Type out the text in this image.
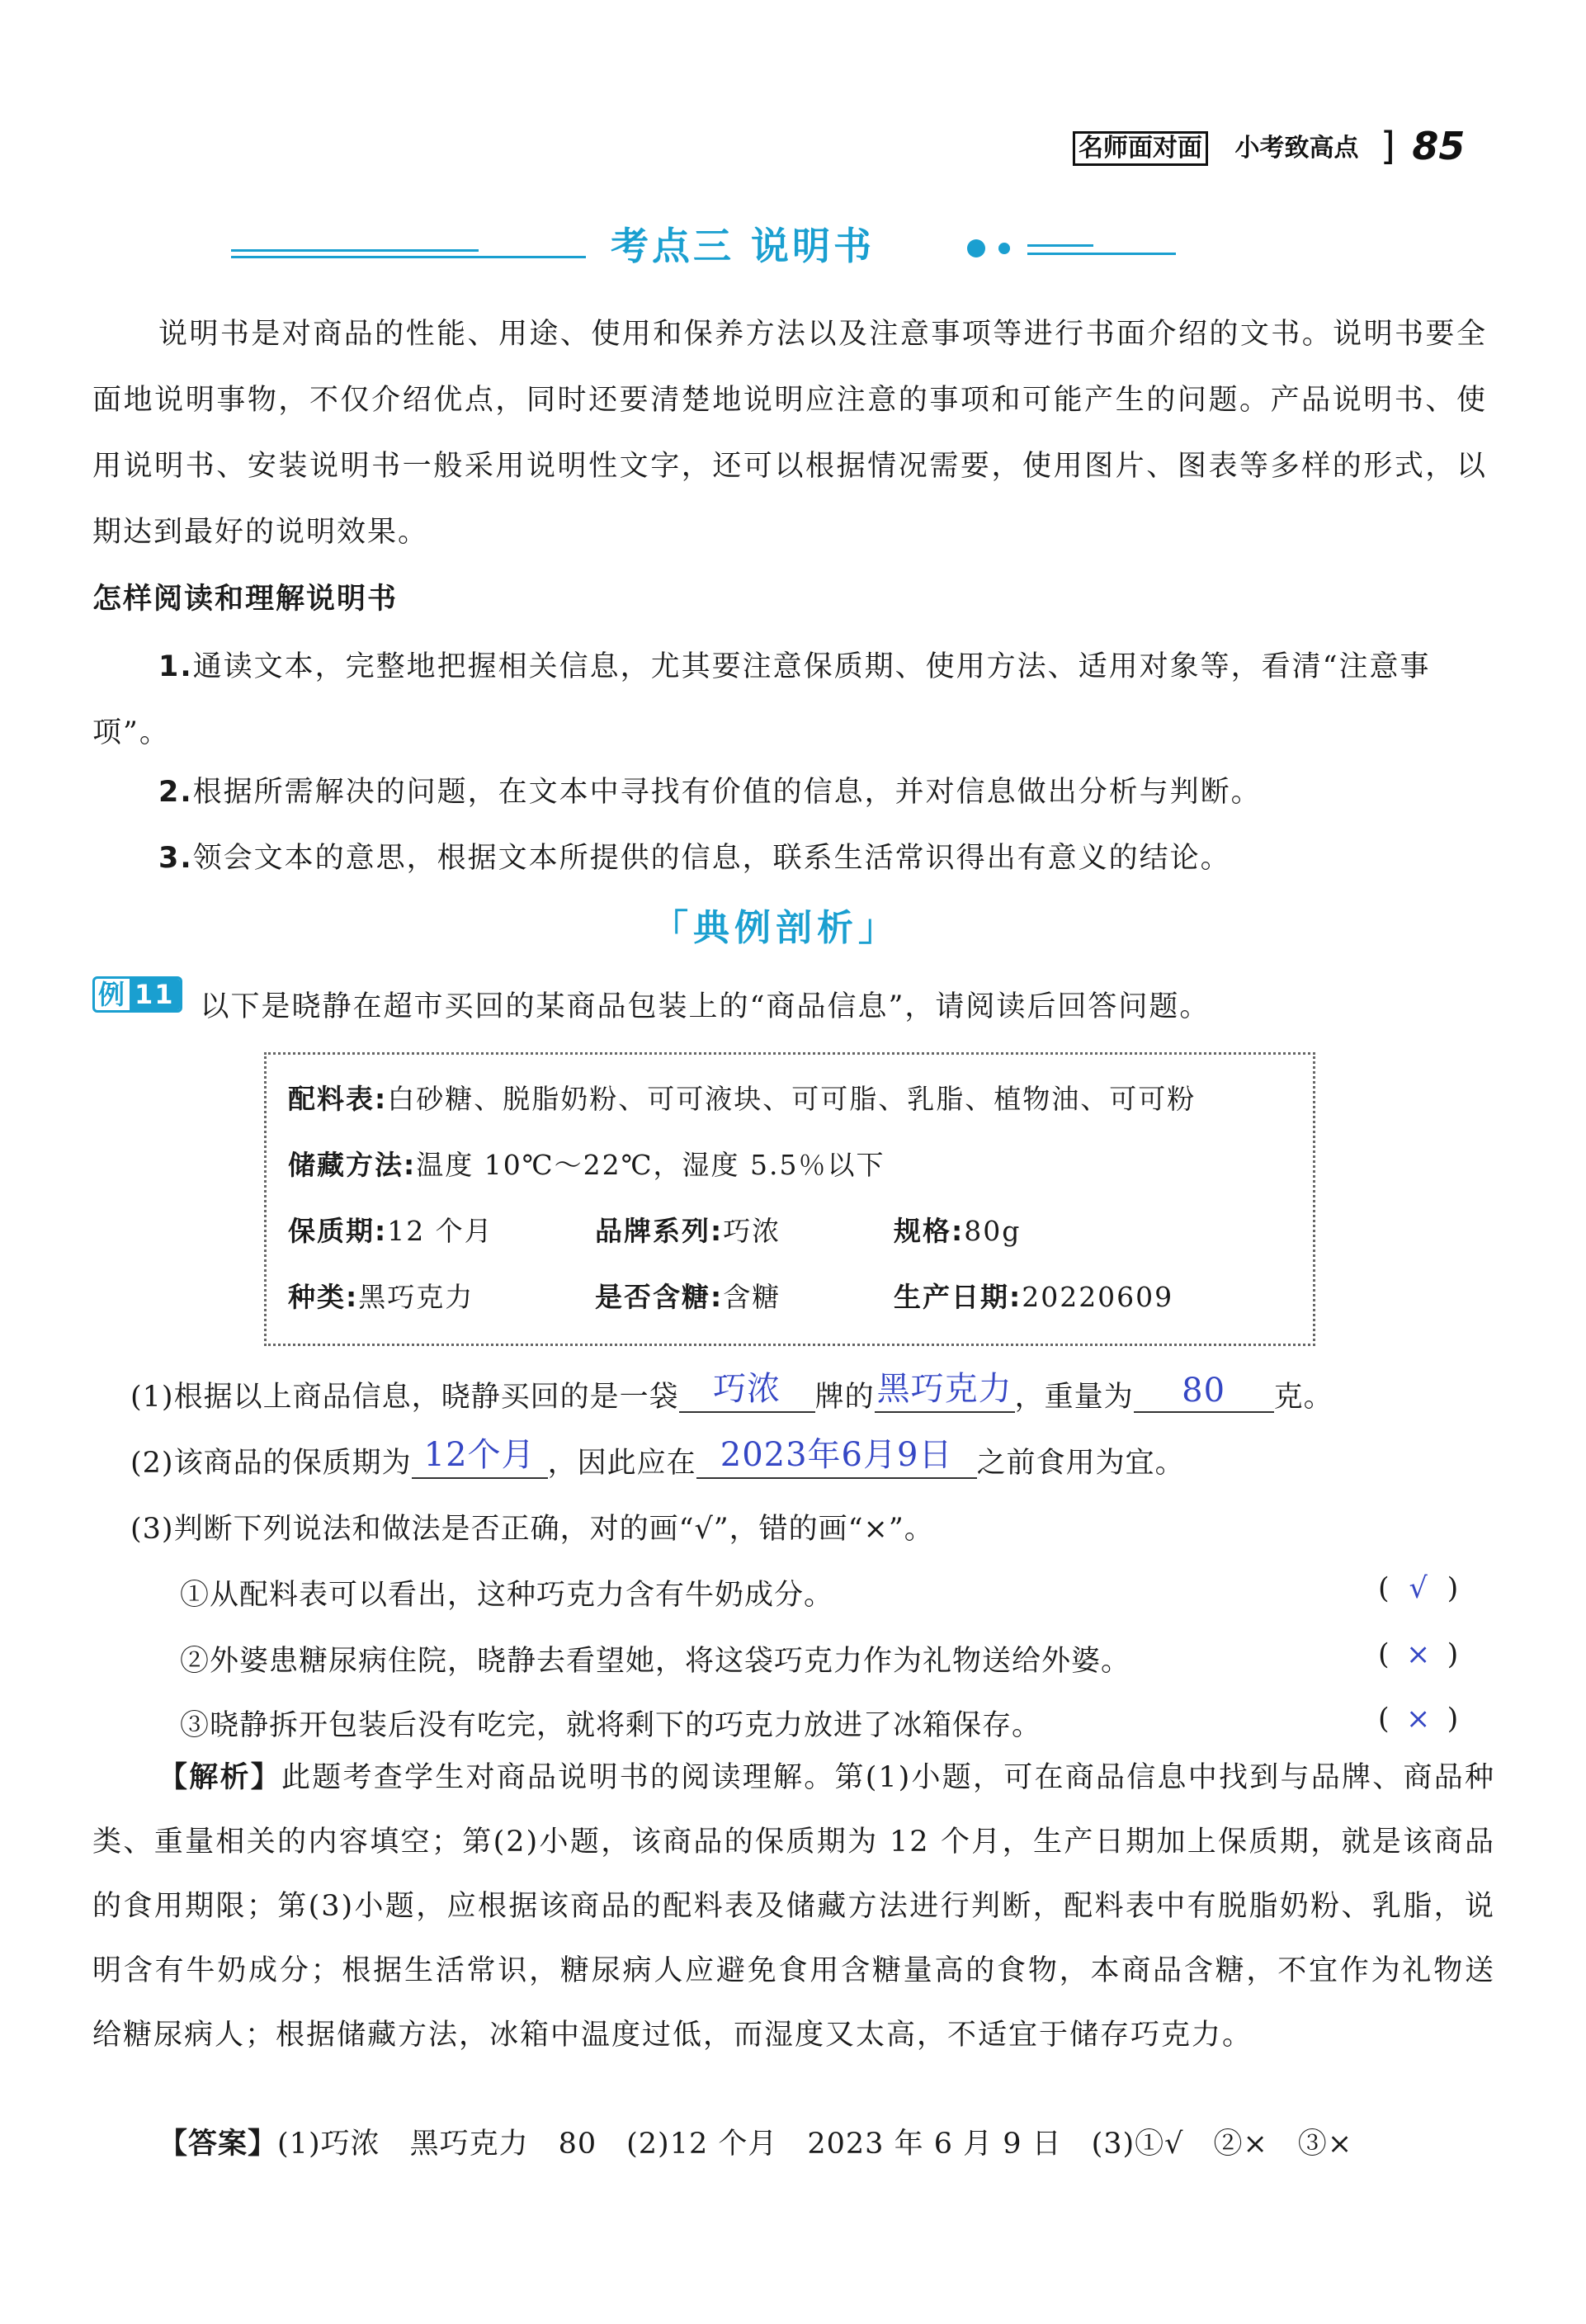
名师面对面 小考致高点 ] 85
考点三 说明书
说明书是对商品的性能、用途、使用和保养方法以及注意事项等进行书面介绍的文书。说明书要全面地说明事物，不仅介绍优点，同时还要清楚地说明应注意的事项和可能产生的问题。产品说明书、使用说明书、安装说明书一般采用说明性文字，还可以根据情况需要，使用图片、图表等多样的形式，以期达到最好的说明效果。
怎样阅读和理解说明书
1.通读文本，完整地把握相关信息，尤其要注意保质期、使用方法、适用对象等，看清“注意事项”。
2.根据所需解决的问题，在文本中寻找有价值的信息，并对信息做出分析与判断。
3.领会文本的意思，根据文本所提供的信息，联系生活常识得出有意义的结论。
「典例剖析」
例 11 以下是晓静在超市买回的某商品包装上的“商品信息”，请阅读后回答问题。
配料表:白砂糖、脱脂奶粉、可可液块、可可脂、乳脂、植物油、可可粉
储藏方法:温度 10℃～22℃，湿度 5.5％以下
保质期:12 个月	品牌系列:巧浓	规格:80g
种类:黑巧克力	是否含糖:含糖	生产日期:20220609
(1)根据以上商品信息，晓静买回的是一袋	巧浓	牌的 黑巧克力 ，重量为	80	克。
(2)该商品的保质期为 12个月 ，因此应在 2023年6月9日 之前食用为宜。
(3)判断下列说法和做法是否正确，对的画“√”，错的画“×”。
①从配料表可以看出，这种巧克力含有牛奶成分。	( √ )
②外婆患糖尿病住院，晓静去看望她，将这袋巧克力作为礼物送给外婆。	( × )
③晓静拆开包装后没有吃完，就将剩下的巧克力放进了冰箱保存。	( × )
【解析】此题考查学生对商品说明书的阅读理解。第(1)小题，可在商品信息中找到与品牌、商品种类、重量相关的内容填空；第(2)小题，该商品的保质期为 12 个月，生产日期加上保质期，就是该商品的食用期限；第(3)小题，应根据该商品的配料表及储藏方法进行判断，配料表中有脱脂奶粉、乳脂，说明含有牛奶成分；根据生活常识，糖尿病人应避免食用含糖量高的食物，本商品含糖，不宜作为礼物送给糖尿病人；根据储藏方法，冰箱中温度过低，而湿度又太高，不适宜于储存巧克力。
【答案】(1)巧浓　黑巧克力　80　(2)12 个月　2023 年 6 月 9 日　(3)①√　②×　③×
